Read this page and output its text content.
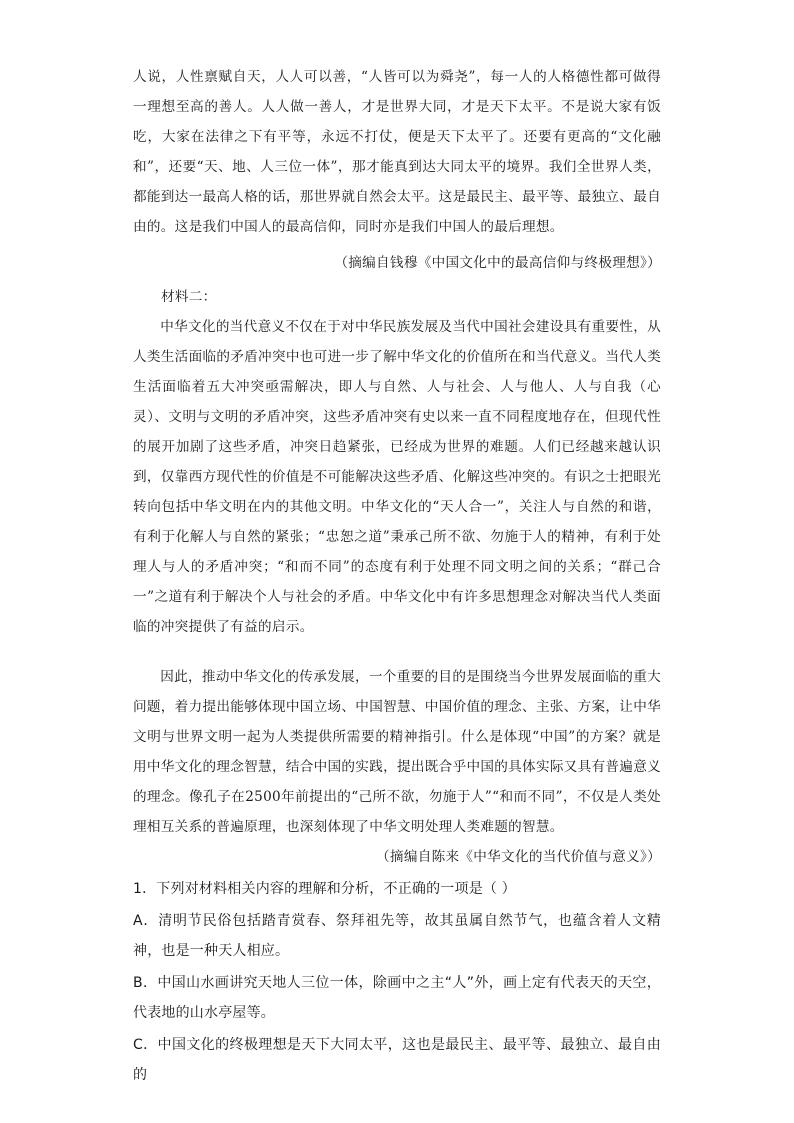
人说，人性禀赋自天，人人可以善，“人皆可以为舜尧”，每一人的人格德性都可做得一理想至高的善人。人人做一善人，才是世界大同，才是天下太平。不是说大家有饭吃，大家在法律之下有平等，永远不打仗，便是天下太平了。还要有更高的“文化融和”，还要“天、地、人三位一体”，那才能真到达大同太平的境界。我们全世界人类，都能到达一最高人格的话，那世界就自然会太平。这是最民主、最平等、最独立、最自由的。这是我们中国人的最高信仰，同时亦是我们中国人的最后理想。

（摘编自钱穆《中国文化中的最高信仰与终极理想》）

材料二：

中华文化的当代意义不仅在于对中华民族发展及当代中国社会建设具有重要性，从人类生活面临的矛盾冲突中也可进一步了解中华文化的价值所在和当代意义。当代人类生活面临着五大冲突亟需解决，即人与自然、人与社会、人与他人、人与自我（心灵）、文明与文明的矛盾冲突，这些矛盾冲突有史以来一直不同程度地存在，但现代性的展开加剧了这些矛盾，冲突日趋紧张，已经成为世界的难题。人们已经越来越认识到，仅靠西方现代性的价值是不可能解决这些矛盾、化解这些冲突的。有识之士把眼光转向包括中华文明在内的其他文明。中华文化的“天人合一”，关注人与自然的和谐，有利于化解人与自然的紧张；“忠恕之道”秉承己所不欲、勿施于人的精神，有利于处理人与人的矛盾冲突；“和而不同”的态度有利于处理不同文明之间的关系；“群己合一”之道有利于解决个人与社会的矛盾。中华文化中有许多思想理念对解决当代人类面临的冲突提供了有益的启示。

因此，推动中华文化的传承发展，一个重要的目的是围绕当今世界发展面临的重大问题，着力提出能够体现中国立场、中国智慧、中国价值的理念、主张、方案，让中华文明与世界文明一起为人类提供所需要的精神指引。什么是体现“中国”的方案？就是用中华文化的理念智慧，结合中国的实践，提出既合乎中国的具体实际又具有普遍意义的理念。像孔子在2500年前提出的“己所不欲，勿施于人”“和而不同”，不仅是人类处理相互关系的普遍原理，也深刻体现了中华文明处理人类难题的智慧。

（摘编自陈来《中华文化的当代价值与意义》）

1．下列对材料相关内容的理解和分析，不正确的一项是（ ）

A．清明节民俗包括踏青赏春、祭拜祖先等，故其虽属自然节气，也蕴含着人文精神，也是一种天人相应。

B．中国山水画讲究天地人三位一体，除画中之主“人”外，画上定有代表天的天空，代表地的山水亭屋等。

C．中国文化的终极理想是天下大同太平，这也是最民主、最平等、最独立、最自由的
